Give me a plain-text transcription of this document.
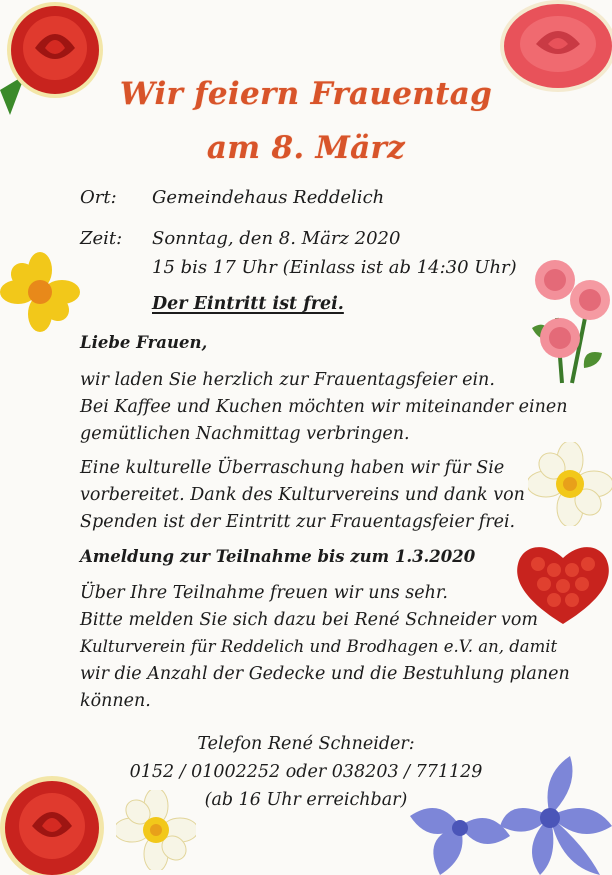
Wir feiern Frauentag
am 8. März
Ort: Gemeindehaus Reddelich
Zeit: Sonntag, den 8. März 2020
15 bis 17 Uhr (Einlass ist ab 14:30 Uhr)
Der Eintritt ist frei.
Liebe Frauen,
wir laden Sie herzlich zur Frauentagsfeier ein.
Bei Kaffee und Kuchen möchten wir miteinander einen
gemütlichen Nachmittag verbringen.
Eine kulturelle Überraschung haben wir für Sie
vorbereitet. Dank des Kulturvereins und dank von
Spenden ist der Eintritt zur Frauentagsfeier frei.
Ameldung zur Teilnahme bis zum 1.3.2020
Über Ihre Teilnahme freuen wir uns sehr.
Bitte melden Sie sich dazu bei René Schneider vom
Kulturverein für Reddelich und Brodhagen e.V. an, damit
wir die Anzahl der Gedecke und die Bestuhlung planen
können.
Telefon René Schneider:
0152 / 01002252 oder 038203 / 771129
(ab 16 Uhr erreichbar)
